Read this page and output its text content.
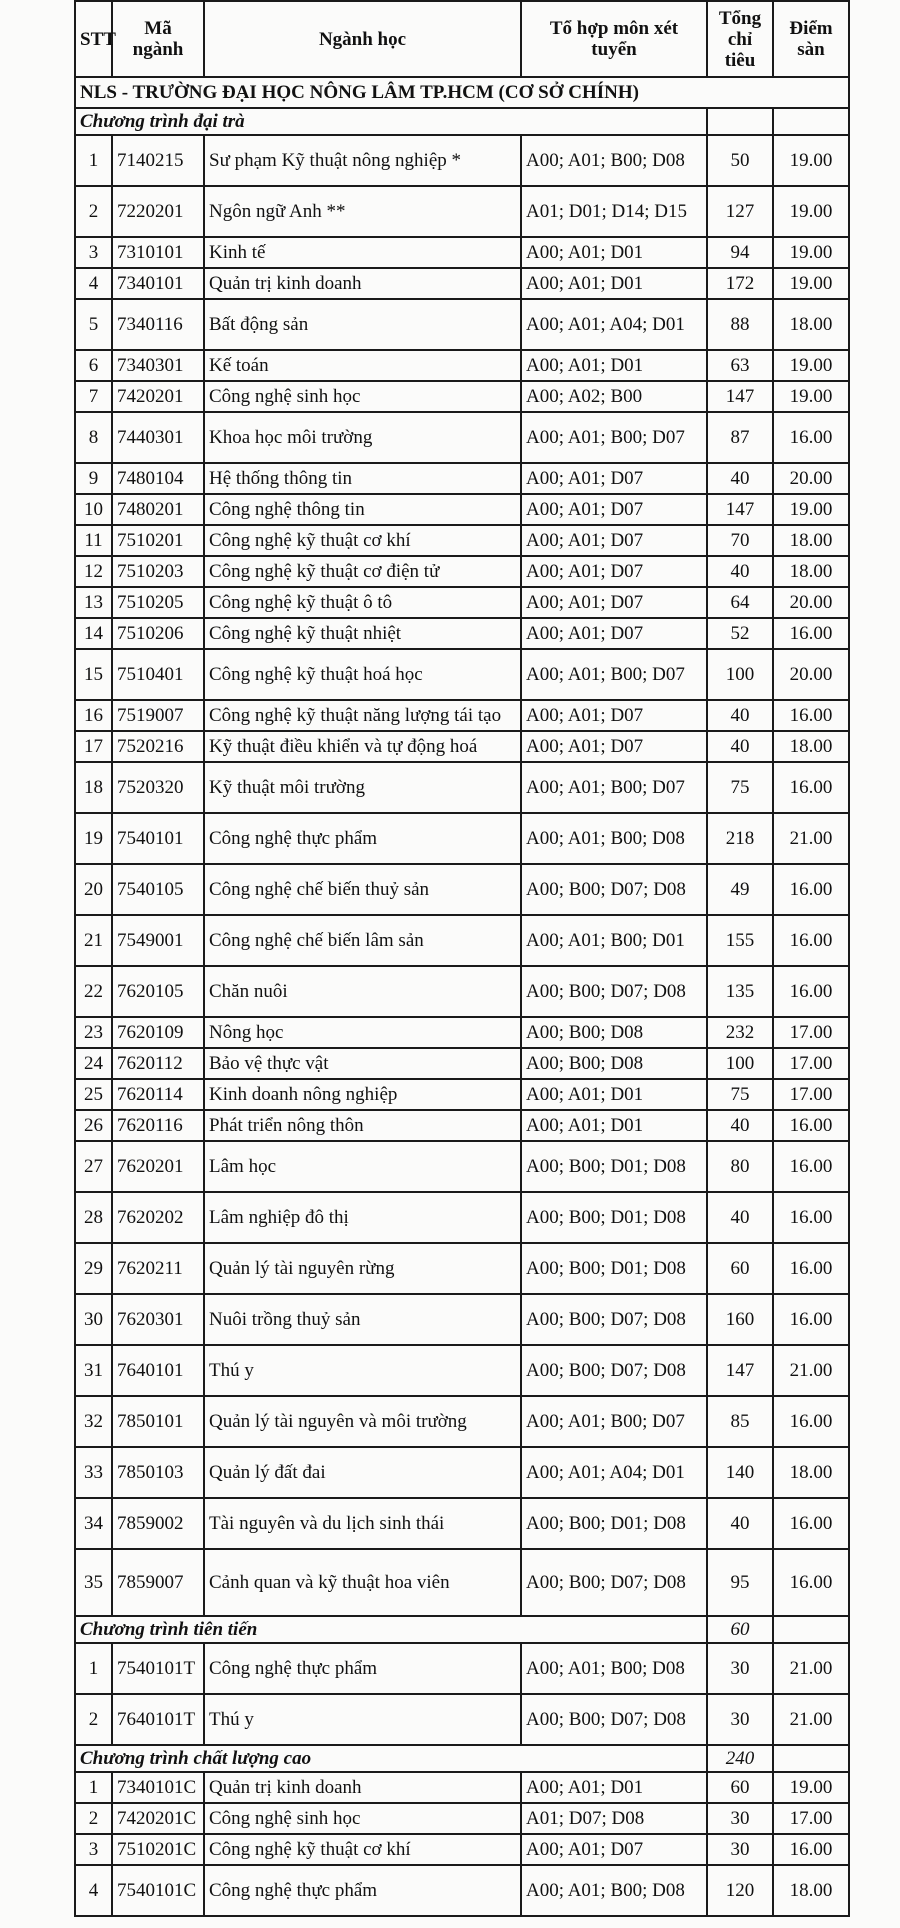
STT	Mã ngành	Ngành học	Tổ hợp môn xét tuyển	Tổng chỉ tiêu	Điểm sàn
NLS - TRƯỜNG ĐẠI HỌC NÔNG LÂM TP.HCM (CƠ SỞ CHÍNH)					
Chương trình đại trà					
1	7140215	Sư phạm Kỹ thuật nông nghiệp *	A00; A01; B00; D08	50	19.00
2	7220201	Ngôn ngữ Anh **	A01; D01; D14; D15	127	19.00
3	7310101	Kinh tế	A00; A01; D01	94	19.00
4	7340101	Quản trị kinh doanh	A00; A01; D01	172	19.00
5	7340116	Bất động sản	A00; A01; A04; D01	88	18.00
6	7340301	Kế toán	A00; A01; D01	63	19.00
7	7420201	Công nghệ sinh học	A00; A02; B00	147	19.00
8	7440301	Khoa học môi trường	A00; A01; B00; D07	87	16.00
9	7480104	Hệ thống thông tin	A00; A01; D07	40	20.00
10	7480201	Công nghệ thông tin	A00; A01; D07	147	19.00
11	7510201	Công nghệ kỹ thuật cơ khí	A00; A01; D07	70	18.00
12	7510203	Công nghệ kỹ thuật cơ điện tử	A00; A01; D07	40	18.00
13	7510205	Công nghệ kỹ thuật ô tô	A00; A01; D07	64	20.00
14	7510206	Công nghệ kỹ thuật nhiệt	A00; A01; D07	52	16.00
15	7510401	Công nghệ kỹ thuật hoá học	A00; A01; B00; D07	100	20.00
16	7519007	Công nghệ kỹ thuật năng lượng tái tạo	A00; A01; D07	40	16.00
17	7520216	Kỹ thuật điều khiển và tự động hoá	A00; A01; D07	40	18.00
18	7520320	Kỹ thuật môi trường	A00; A01; B00; D07	75	16.00
19	7540101	Công nghệ thực phẩm	A00; A01; B00; D08	218	21.00
20	7540105	Công nghệ chế biến thuỷ sản	A00; B00; D07; D08	49	16.00
21	7549001	Công nghệ chế biến lâm sản	A00; A01; B00; D01	155	16.00
22	7620105	Chăn nuôi	A00; B00; D07; D08	135	16.00
23	7620109	Nông học	A00; B00; D08	232	17.00
24	7620112	Bảo vệ thực vật	A00; B00; D08	100	17.00
25	7620114	Kinh doanh nông nghiệp	A00; A01; D01	75	17.00
26	7620116	Phát triển nông thôn	A00; A01; D01	40	16.00
27	7620201	Lâm học	A00; B00; D01; D08	80	16.00
28	7620202	Lâm nghiệp đô thị	A00; B00; D01; D08	40	16.00
29	7620211	Quản lý tài nguyên rừng	A00; B00; D01; D08	60	16.00
30	7620301	Nuôi trồng thuỷ sản	A00; B00; D07; D08	160	16.00
31	7640101	Thú y	A00; B00; D07; D08	147	21.00
32	7850101	Quản lý tài nguyên và môi trường	A00; A01; B00; D07	85	16.00
33	7850103	Quản lý đất đai	A00; A01; A04; D01	140	18.00
34	7859002	Tài nguyên và du lịch sinh thái	A00; B00; D01; D08	40	16.00
35	7859007	Cảnh quan và kỹ thuật hoa viên	A00; B00; D07; D08	95	16.00
Chương trình tiên tiến				60	
1	7540101T	Công nghệ thực phẩm	A00; A01; B00; D08	30	21.00
2	7640101T	Thú y	A00; B00; D07; D08	30	21.00
Chương trình chất lượng cao				240	
1	7340101C	Quản trị kinh doanh	A00; A01; D01	60	19.00
2	7420201C	Công nghệ sinh học	A01; D07; D08	30	17.00
3	7510201C	Công nghệ kỹ thuật cơ khí	A00; A01; D07	30	16.00
4	7540101C	Công nghệ thực phẩm	A00; A01; B00; D08	120	18.00
